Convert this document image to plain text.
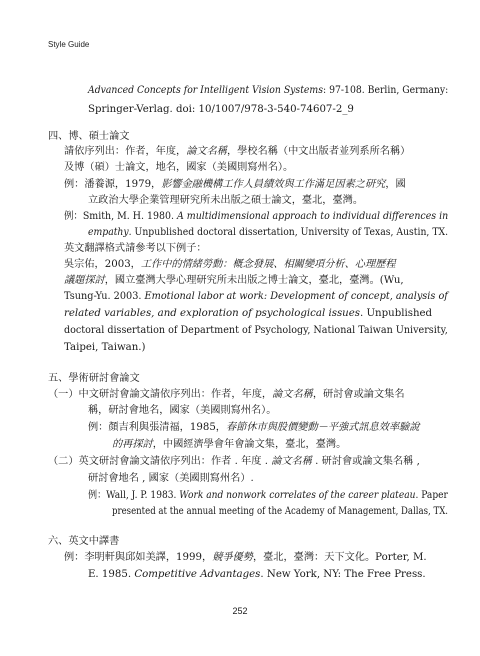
Style Guide
Advanced Concepts for Intelligent Vision Systems: 97-108. Berlin, Germany:
Springer-Verlag. doi: 10/1007/978-3-540-74607-2_9
四、博、碩士論文
請依序列出：作者，年度，論文名稱，學校名稱（中文出版者並列系所名稱）
及博（碩）士論文，地名，國家（美國則寫州名）。
例：潘養源，1979，影響金融機構工作人員績效與工作滿足因素之研究，國
立政治大學企業管理研究所未出版之碩士論文，臺北，臺灣。
例：Smith, M. H. 1980. A multidimensional approach to individual differences in
empathy. Unpublished doctoral dissertation, University of Texas, Austin, TX.
英文翻譯格式請參考以下例子：
吳宗佑，2003，工作中的情緒勞動：概念發展、相關變項分析、心理歷程
議題探討，國立臺灣大學心理研究所未出版之博士論文，臺北，臺灣。(Wu,
Tsung-Yu. 2003. Emotional labor at work: Development of concept, analysis of
related variables, and exploration of psychological issues. Unpublished
doctoral dissertation of Department of Psychology, National Taiwan University,
Taipei, Taiwan.)
五、學術研討會論文
（一）中文研討會論文請依序列出：作者，年度，論文名稱，研討會或論文集名
稱，研討會地名，國家（美國則寫州名）。
例：顏吉利與張清福，1985，春節休市與股價變動－平強式訊息效率驗說
的再探討，中國經濟學會年會論文集，臺北，臺灣。
（二）英文研討會論文請依序列出：作者 . 年度 . 論文名稱 . 研討會或論文集名稱 ,
研討會地名 , 國家（美國則寫州名）.
例：Wall, J. P. 1983. Work and nonwork correlates of the career plateau. Paper
presented at the annual meeting of the Academy of Management, Dallas, TX.
六、英文中譯書
例：李明軒與邱如美譯，1999，競爭優勢，臺北，臺灣：天下文化。Porter, M.
E. 1985. Competitive Advantages. New York, NY: The Free Press.
252
